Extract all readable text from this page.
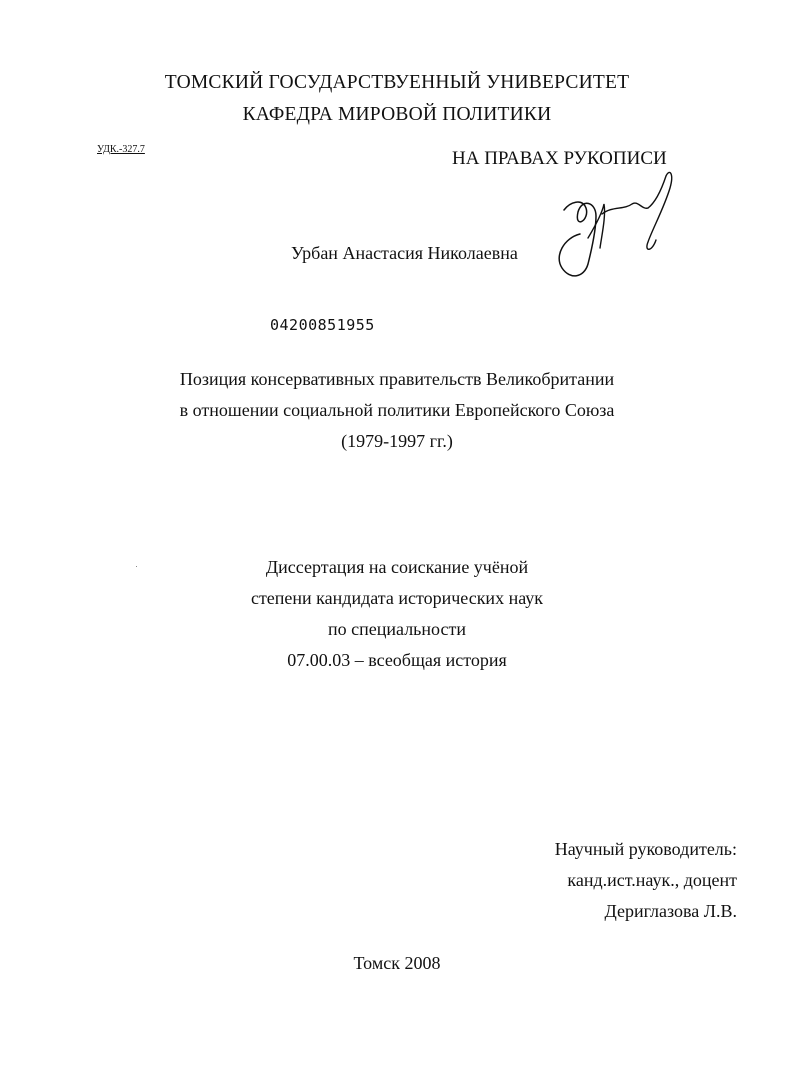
ТОМСКИЙ ГОСУДАРСТВУЕННЫЙ УНИВЕРСИТЕТ
КАФЕДРА МИРОВОЙ ПОЛИТИКИ
УДК.-327.7	НА ПРАВАХ РУКОПИСИ
Урбан Анастасия Николаевна
04200851955
Позиция консервативных правительств Великобритании
в отношении социальной политики Европейского Союза
(1979-1997 гг.)
Диссертация на соискание учёной
степени кандидата исторических наук
по специальности
07.00.03 – всеобщая история
Научный руководитель:
канд.ист.наук., доцент
Дериглазова Л.В.
Томск 2008
